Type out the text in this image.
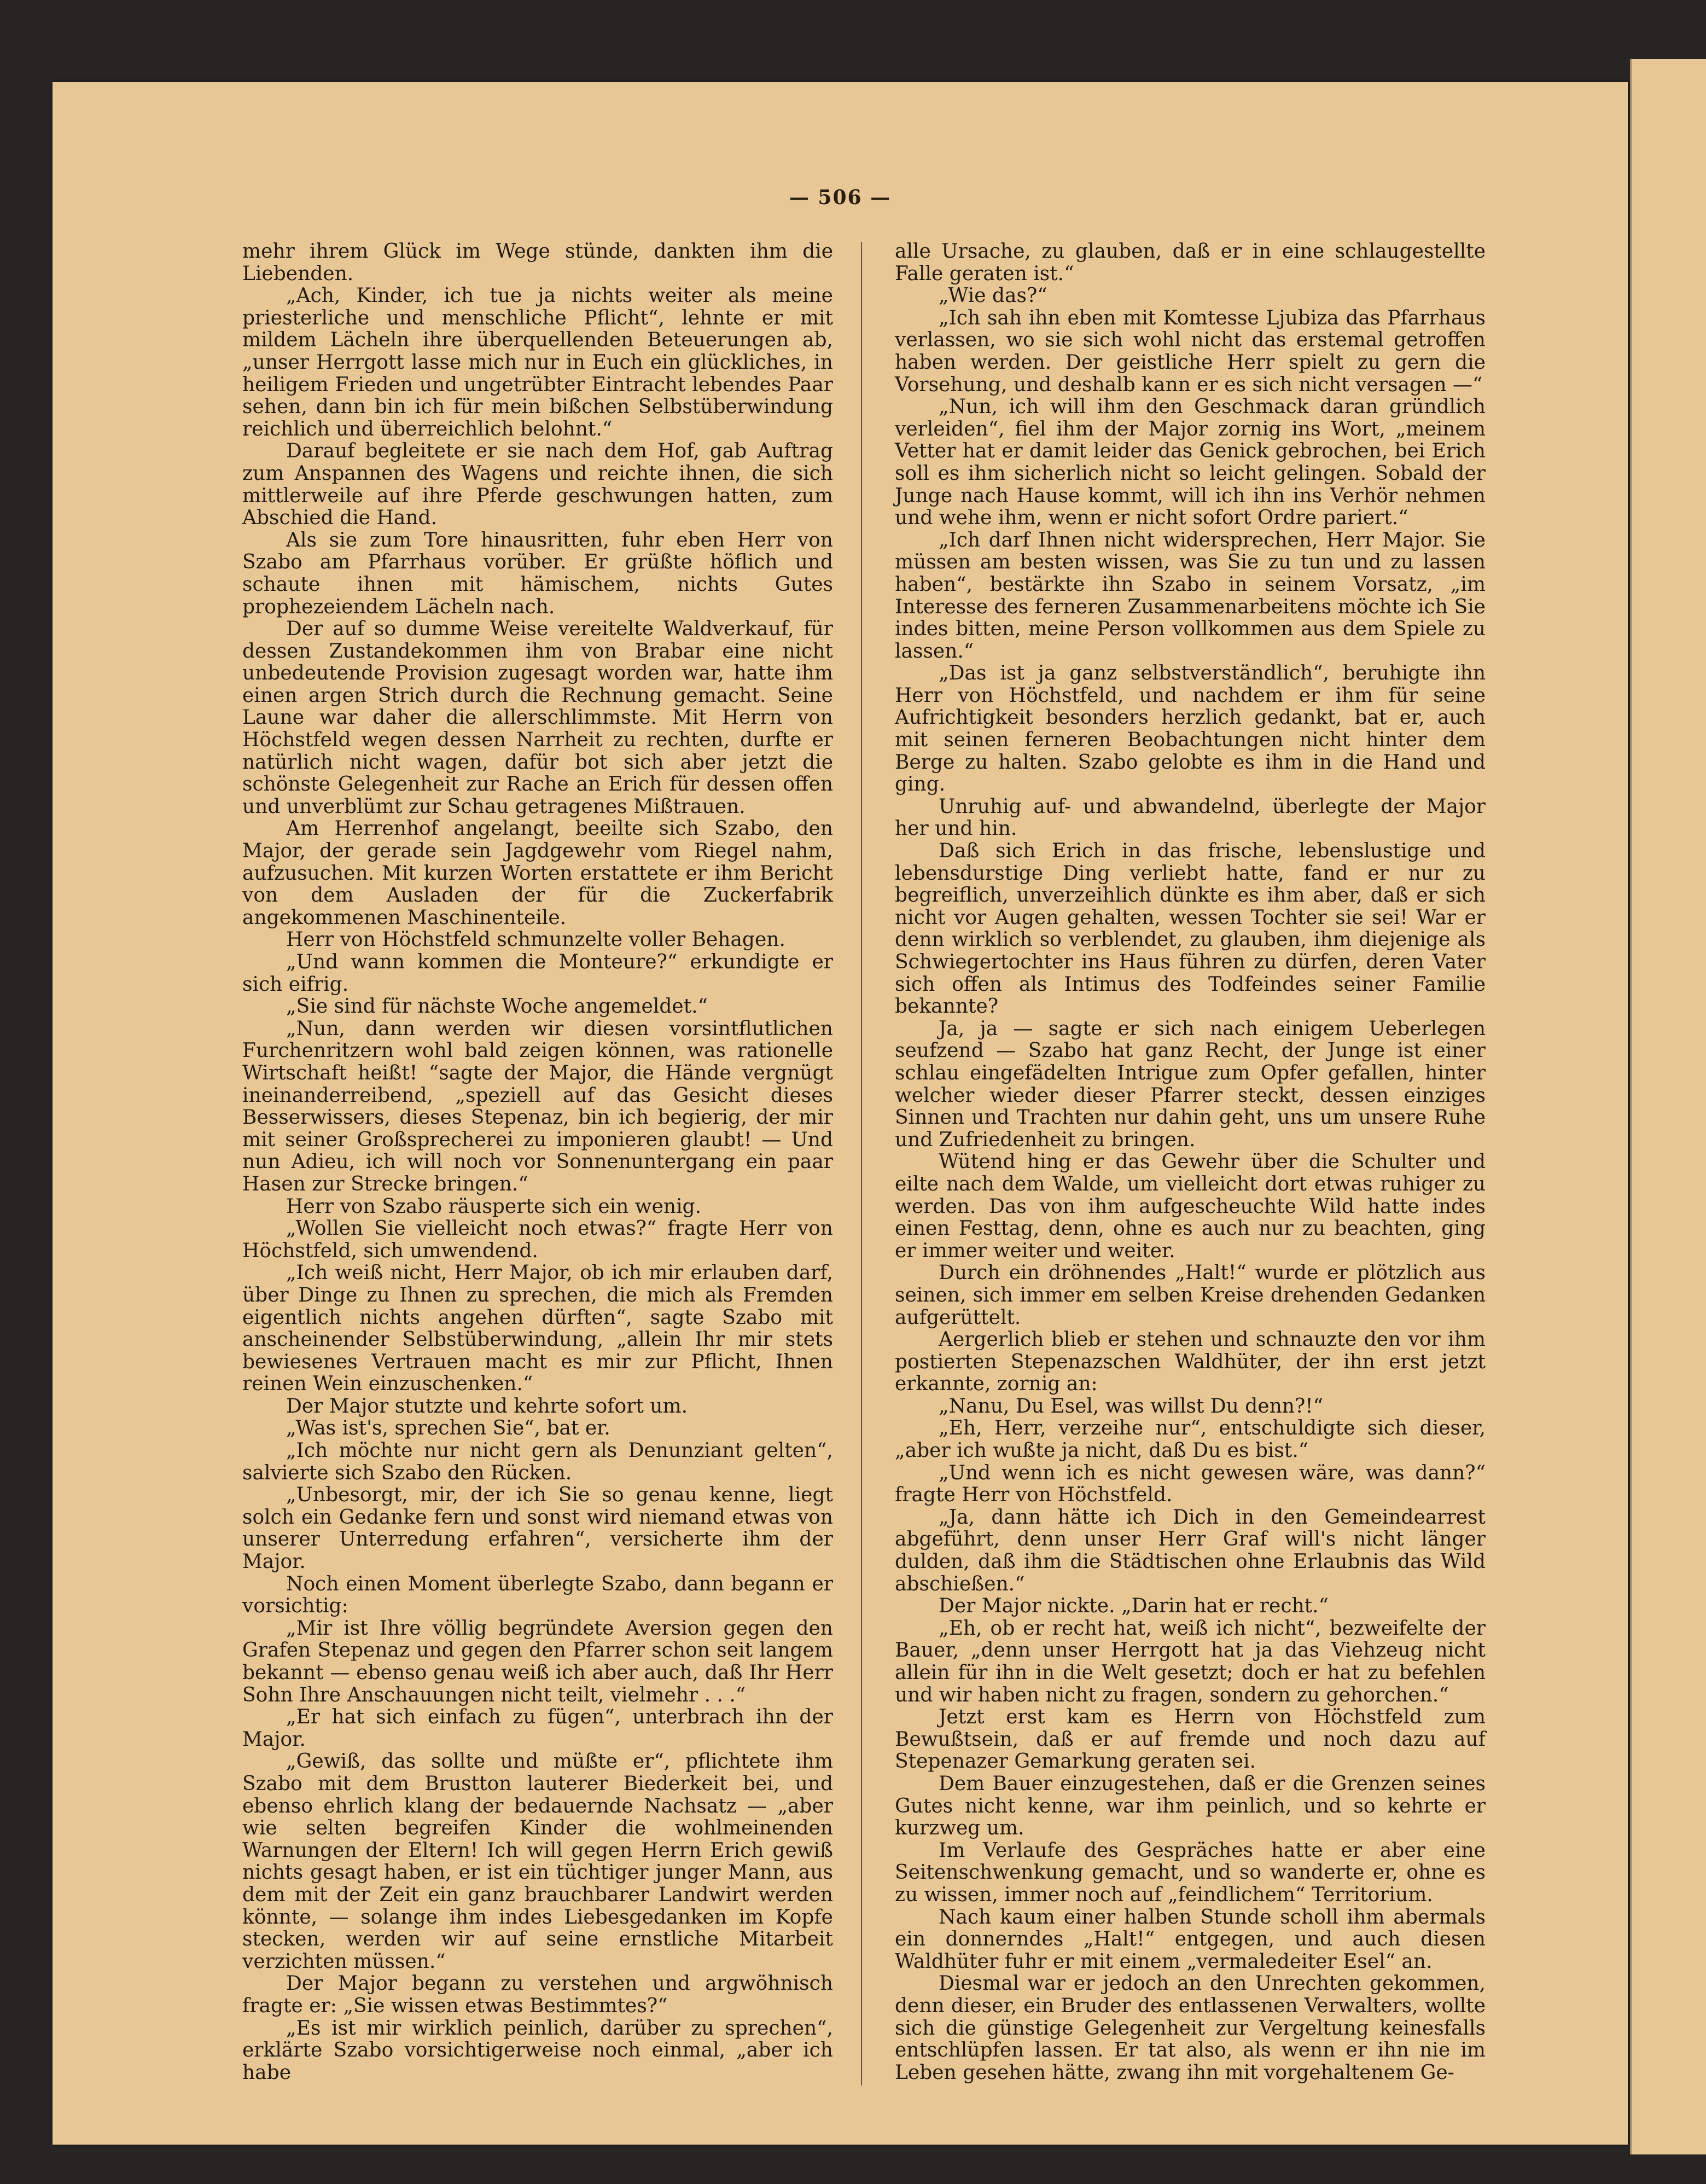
— 506 —

mehr ihrem Glück im Wege stünde, dankten ihm die Liebenden.

„Ach, Kinder, ich tue ja nichts weiter als meine priesterliche und menschliche Pflicht“, lehnte er mit mildem Lächeln ihre überquellenden Beteuerungen ab, „unser Herrgott lasse mich nur in Euch ein glückliches, in heiligem Frieden und ungetrübter Eintracht lebendes Paar sehen, dann bin ich für mein bißchen Selbstüberwindung reichlich und überreichlich belohnt.“

Darauf begleitete er sie nach dem Hof, gab Auftrag zum Anspannen des Wagens und reichte ihnen, die sich mittlerweile auf ihre Pferde geschwungen hatten, zum Abschied die Hand.

Als sie zum Tore hinausritten, fuhr eben Herr von Szabo am Pfarrhaus vorüber. Er grüßte höflich und schaute ihnen mit hämischem, nichts Gutes prophezeiendem Lächeln nach.

Der auf so dumme Weise vereitelte Waldverkauf, für dessen Zustandekommen ihm von Brabar eine nicht unbedeutende Provision zugesagt worden war, hatte ihm einen argen Strich durch die Rechnung gemacht. Seine Laune war daher die allerschlimmste. Mit Herrn von Höchstfeld wegen dessen Narrheit zu rechten, durfte er natürlich nicht wagen, dafür bot sich aber jetzt die schönste Gelegenheit zur Rache an Erich für dessen offen und unverblümt zur Schau getragenes Mißtrauen.

Am Herrenhof angelangt, beeilte sich Szabo, den Major, der gerade sein Jagdgewehr vom Riegel nahm, aufzusuchen. Mit kurzen Worten erstattete er ihm Bericht von dem Ausladen der für die Zuckerfabrik angekommenen Maschinenteile.

Herr von Höchstfeld schmunzelte voller Behagen.

„Und wann kommen die Monteure?“ erkundigte er sich eifrig.

„Sie sind für nächste Woche angemeldet.“

„Nun, dann werden wir diesen vorsintflutlichen Furchenritzern wohl bald zeigen können, was rationelle Wirtschaft heißt! “sagte der Major, die Hände vergnügt ineinanderreibend, „speziell auf das Gesicht dieses Besserwissers, dieses Stepenaz, bin ich begierig, der mir mit seiner Großsprecherei zu imponieren glaubt! — Und nun Adieu, ich will noch vor Sonnenuntergang ein paar Hasen zur Strecke bringen.“

Herr von Szabo räusperte sich ein wenig.

„Wollen Sie vielleicht noch etwas?“ fragte Herr von Höchstfeld, sich umwendend.

„Ich weiß nicht, Herr Major, ob ich mir erlauben darf, über Dinge zu Ihnen zu sprechen, die mich als Fremden eigentlich nichts angehen dürften“, sagte Szabo mit anscheinender Selbstüberwindung, „allein Ihr mir stets bewiesenes Vertrauen macht es mir zur Pflicht, Ihnen reinen Wein einzuschenken.“

Der Major stutzte und kehrte sofort um.

„Was ist's, sprechen Sie“, bat er.

„Ich möchte nur nicht gern als Denunziant gelten“, salvierte sich Szabo den Rücken.

„Unbesorgt, mir, der ich Sie so genau kenne, liegt solch ein Gedanke fern und sonst wird niemand etwas von unserer Unterredung erfahren“, versicherte ihm der Major.

Noch einen Moment überlegte Szabo, dann begann er vorsichtig:

„Mir ist Ihre völlig begründete Aversion gegen den Grafen Stepenaz und gegen den Pfarrer schon seit langem bekannt — ebenso genau weiß ich aber auch, daß Ihr Herr Sohn Ihre Anschauungen nicht teilt, vielmehr . . .“

„Er hat sich einfach zu fügen“, unterbrach ihn der Major.

„Gewiß, das sollte und müßte er“, pflichtete ihm Szabo mit dem Brustton lauterer Biederkeit bei, und ebenso ehrlich klang der bedauernde Nachsatz — „aber wie selten begreifen Kinder die wohlmeinenden Warnungen der Eltern! Ich will gegen Herrn Erich gewiß nichts gesagt haben, er ist ein tüchtiger junger Mann, aus dem mit der Zeit ein ganz brauchbarer Landwirt werden könnte, — solange ihm indes Liebesgedanken im Kopfe stecken, werden wir auf seine ernstliche Mitarbeit verzichten müssen.“

Der Major begann zu verstehen und argwöhnisch fragte er: „Sie wissen etwas Bestimmtes?“

„Es ist mir wirklich peinlich, darüber zu sprechen“, erklärte Szabo vorsichtigerweise noch einmal, „aber ich habe

alle Ursache, zu glauben, daß er in eine schlaugestellte Falle geraten ist.“

„Wie das?“

„Ich sah ihn eben mit Komtesse Ljubiza das Pfarrhaus verlassen, wo sie sich wohl nicht das erstemal getroffen haben werden. Der geistliche Herr spielt zu gern die Vorsehung, und deshalb kann er es sich nicht versagen —“

„Nun, ich will ihm den Geschmack daran gründlich verleiden“, fiel ihm der Major zornig ins Wort, „meinem Vetter hat er damit leider das Genick gebrochen, bei Erich soll es ihm sicherlich nicht so leicht gelingen. Sobald der Junge nach Hause kommt, will ich ihn ins Verhör nehmen und wehe ihm, wenn er nicht sofort Ordre pariert.“

„Ich darf Ihnen nicht widersprechen, Herr Major. Sie müssen am besten wissen, was Sie zu tun und zu lassen haben“, bestärkte ihn Szabo in seinem Vorsatz, „im Interesse des ferneren Zusammenarbeitens möchte ich Sie indes bitten, meine Person vollkommen aus dem Spiele zu lassen.“

„Das ist ja ganz selbstverständlich“, beruhigte ihn Herr von Höchstfeld, und nachdem er ihm für seine Aufrichtigkeit besonders herzlich gedankt, bat er, auch mit seinen ferneren Beobachtungen nicht hinter dem Berge zu halten. Szabo gelobte es ihm in die Hand und ging.

Unruhig auf- und abwandelnd, überlegte der Major her und hin.

Daß sich Erich in das frische, lebenslustige und lebensdurstige Ding verliebt hatte, fand er nur zu begreiflich, unverzeihlich dünkte es ihm aber, daß er sich nicht vor Augen gehalten, wessen Tochter sie sei! War er denn wirklich so verblendet, zu glauben, ihm diejenige als Schwiegertochter ins Haus führen zu dürfen, deren Vater sich offen als Intimus des Todfeindes seiner Familie bekannte?

Ja, ja — sagte er sich nach einigem Ueberlegen seufzend — Szabo hat ganz Recht, der Junge ist einer schlau eingefädelten Intrigue zum Opfer gefallen, hinter welcher wieder dieser Pfarrer steckt, dessen einziges Sinnen und Trachten nur dahin geht, uns um unsere Ruhe und Zufriedenheit zu bringen.

Wütend hing er das Gewehr über die Schulter und eilte nach dem Walde, um vielleicht dort etwas ruhiger zu werden. Das von ihm aufgescheuchte Wild hatte indes einen Festtag, denn, ohne es auch nur zu beachten, ging er immer weiter und weiter.

Durch ein dröhnendes „Halt!“ wurde er plötzlich aus seinen, sich immer em selben Kreise drehenden Gedanken aufgerüttelt.

Aergerlich blieb er stehen und schnauzte den vor ihm postierten Stepenazschen Waldhüter, der ihn erst jetzt erkannte, zornig an:

„Nanu, Du Esel, was willst Du denn?!“

„Eh, Herr, verzeihe nur“, entschuldigte sich dieser, „aber ich wußte ja nicht, daß Du es bist.“

„Und wenn ich es nicht gewesen wäre, was dann?“ fragte Herr von Höchstfeld.

„Ja, dann hätte ich Dich in den Gemeindearrest abgeführt, denn unser Herr Graf will's nicht länger dulden, daß ihm die Städtischen ohne Erlaubnis das Wild abschießen.“

Der Major nickte. „Darin hat er recht.“

„Eh, ob er recht hat, weiß ich nicht“, bezweifelte der Bauer, „denn unser Herrgott hat ja das Viehzeug nicht allein für ihn in die Welt gesetzt; doch er hat zu befehlen und wir haben nicht zu fragen, sondern zu gehorchen.“

Jetzt erst kam es Herrn von Höchstfeld zum Bewußtsein, daß er auf fremde und noch dazu auf Stepenazer Gemarkung geraten sei.

Dem Bauer einzugestehen, daß er die Grenzen seines Gutes nicht kenne, war ihm peinlich, und so kehrte er kurzweg um.

Im Verlaufe des Gespräches hatte er aber eine Seitenschwenkung gemacht, und so wanderte er, ohne es zu wissen, immer noch auf „feindlichem“ Territorium.

Nach kaum einer halben Stunde scholl ihm abermals ein donnerndes „Halt!“ entgegen, und auch diesen Waldhüter fuhr er mit einem „vermaledeiter Esel“ an.

Diesmal war er jedoch an den Unrechten gekommen, denn dieser, ein Bruder des entlassenen Verwalters, wollte sich die günstige Gelegenheit zur Vergeltung keinesfalls entschlüpfen lassen. Er tat also, als wenn er ihn nie im Leben gesehen hätte, zwang ihn mit vorgehaltenem Ge-
